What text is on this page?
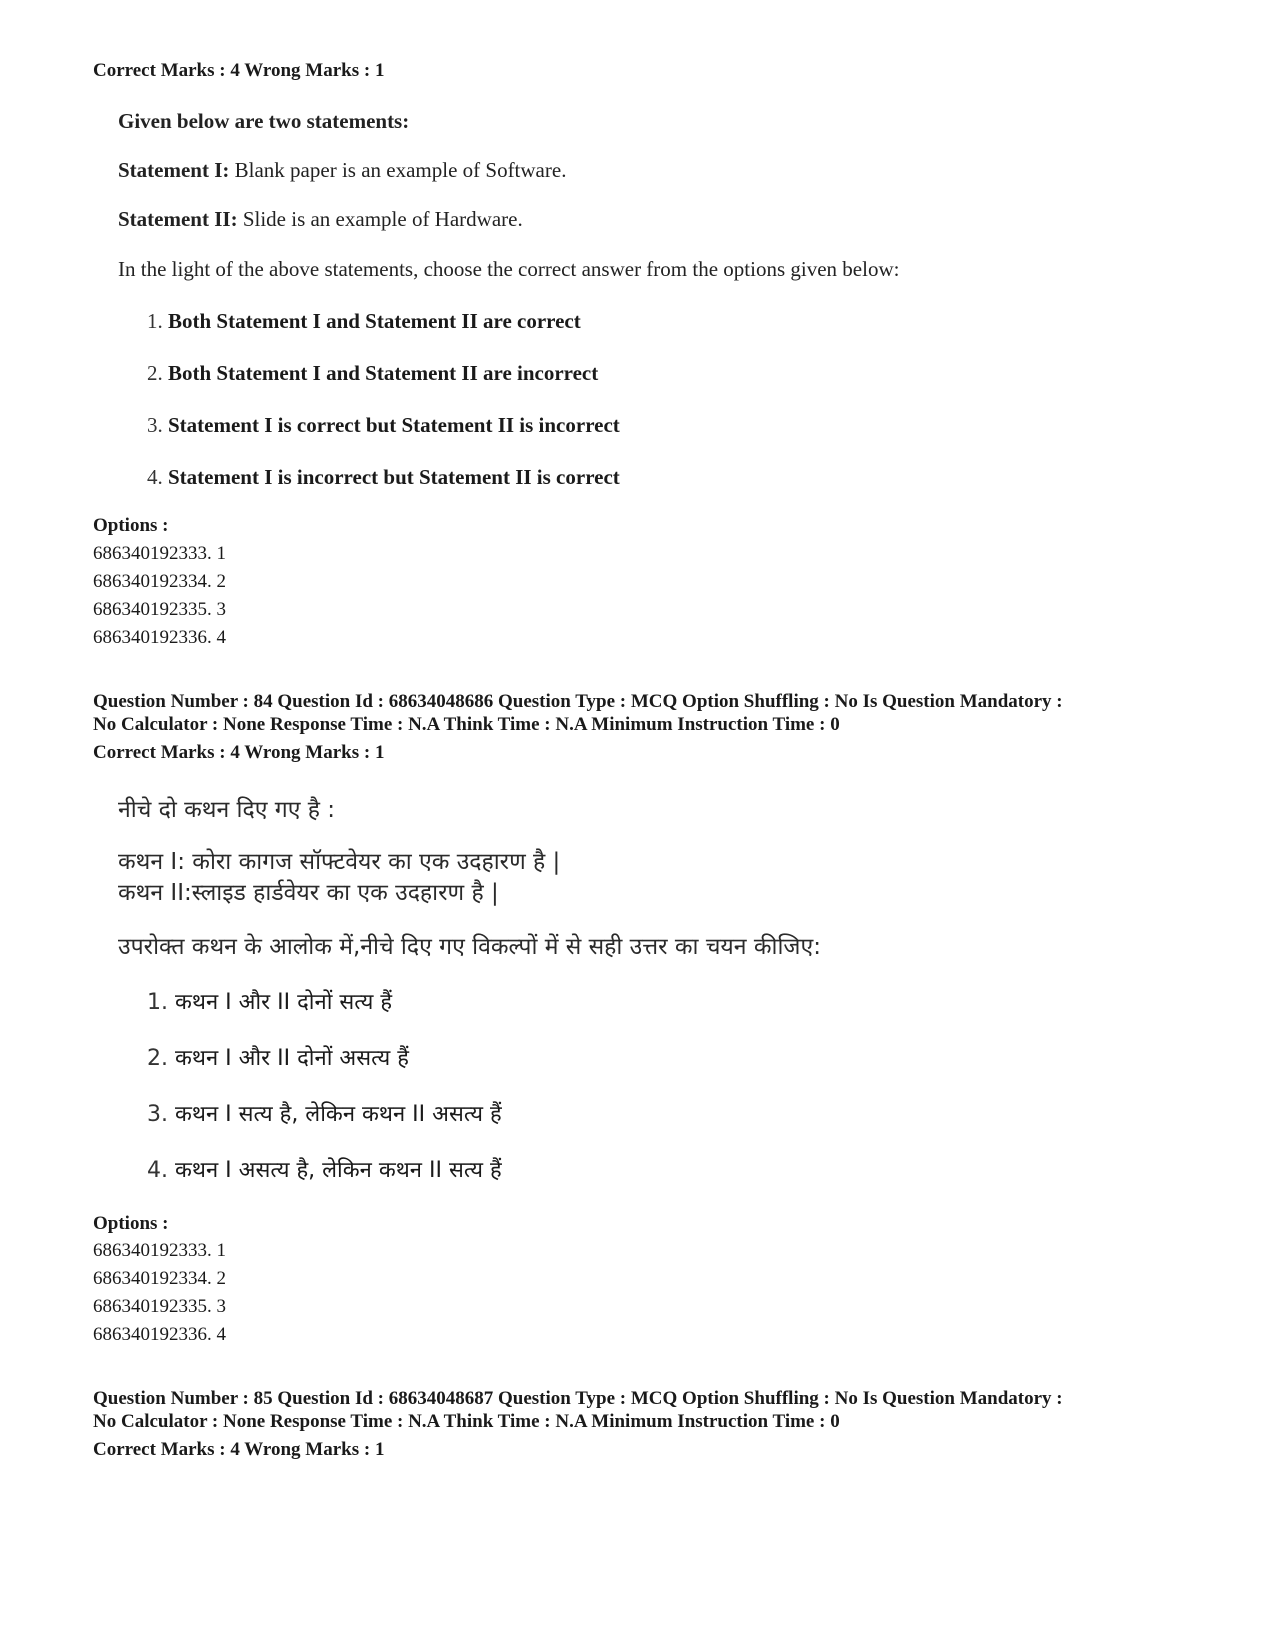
Correct Marks : 4 Wrong Marks : 1
Given below are two statements:
Statement I: Blank paper is an example of Software.
Statement II: Slide is an example of Hardware.
In the light of the above statements, choose the correct answer from the options given below:
1. Both Statement I and Statement II are correct
2. Both Statement I and Statement II are incorrect
3. Statement I is correct but Statement II is incorrect
4. Statement I is incorrect but Statement II is correct
Options :
686340192333. 1
686340192334. 2
686340192335. 3
686340192336. 4
Question Number : 84 Question Id : 68634048686 Question Type : MCQ Option Shuffling : No Is Question Mandatory :
No Calculator : None Response Time : N.A Think Time : N.A Minimum Instruction Time : 0
Correct Marks : 4 Wrong Marks : 1
नीचे दो कथन दिए गए है :
कथन I: कोरा कागज सॉफ्टवेयर का एक उदहारण है |
कथन II:स्लाइड हार्डवेयर का एक उदहारण है |
उपरोक्त कथन के आलोक में,नीचे दिए गए विकल्पों में से सही उत्तर का चयन कीजिए:
1. कथन I और II दोनों सत्य हैं
2. कथन I और II दोनों असत्य हैं
3. कथन I सत्य है, लेकिन कथन II असत्य हैं
4. कथन I असत्य है, लेकिन कथन II सत्य हैं
Options :
686340192333. 1
686340192334. 2
686340192335. 3
686340192336. 4
Question Number : 85 Question Id : 68634048687 Question Type : MCQ Option Shuffling : No Is Question Mandatory :
No Calculator : None Response Time : N.A Think Time : N.A Minimum Instruction Time : 0
Correct Marks : 4 Wrong Marks : 1
